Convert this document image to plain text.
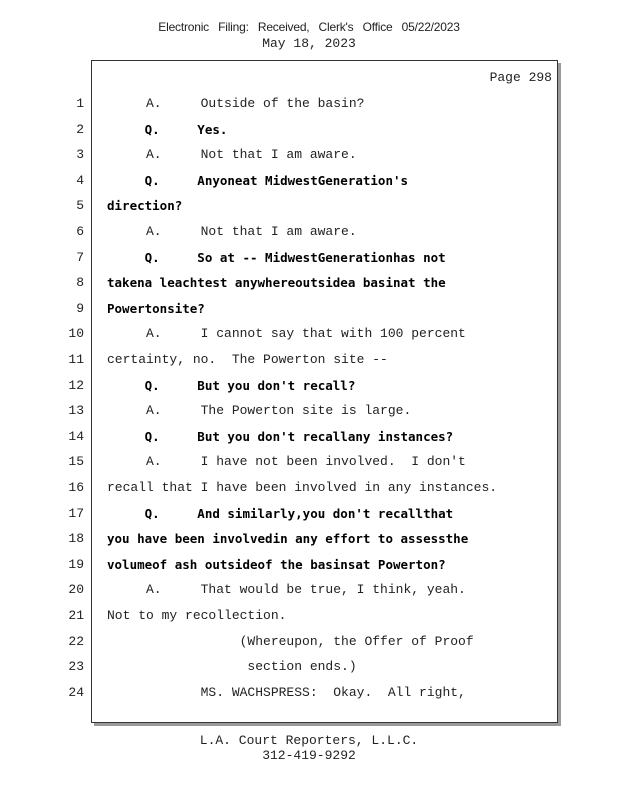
Electronic Filing: Received, Clerk's Office 05/22/2023
May 18, 2023
Page 298
1 A.     Outside of the basin?
2 Q.     Yes.
3 A.     Not that I am aware.
4 Q.     Anyoneat MidwestGeneration's
5 direction?
6 A.     Not that I am aware.
7 Q.     So at -- MidwestGenerationhas not
8 takena leachtest anywhereoutsidea basinat the
9 Powertonsite?
10 A.     I cannot say that with 100 percent
11 certainty, no.  The Powerton site --
12 Q.     But you don't recall?
13 A.     The Powerton site is large.
14 Q.     But you don't recallany instances?
15 A.     I have not been involved.  I don't
16 recall that I have been involved in any instances.
17 Q.     And similarly,you don't recallthat
18 you have been involvedin any effort to assessthe
19 volumeof ash outsideof the basinsat Powerton?
20 A.     That would be true, I think, yeah.
21 Not to my recollection.
22 (Whereupon, the Offer of Proof
23 section ends.)
24 MS. WACHSPRESS:  Okay.  All right,
L.A. Court Reporters, L.L.C.
312-419-9292
